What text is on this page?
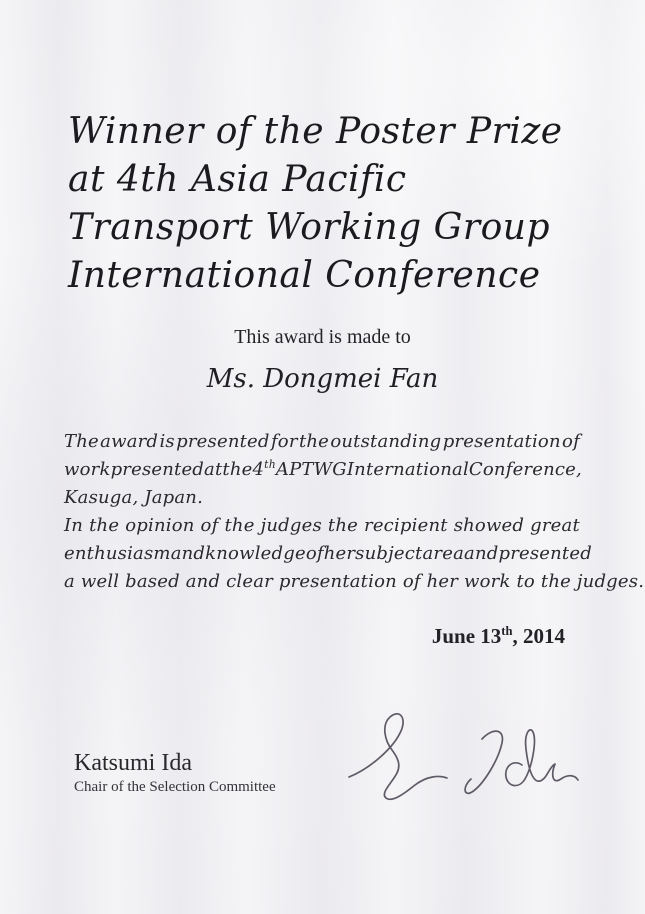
Winner of the Poster Prize
at 4th Asia Pacific
Transport Working Group
International Conference
This award is made to
Ms. Dongmei Fan
The award is presented for the outstanding presentation of
work presented at the 4th APTWG International Conference,
Kasuga, Japan.
In the opinion of the judges the recipient showed great
enthusiasm and knowledge of her subject area and presented
a well based and clear presentation of her work to the judges.
June 13th, 2014
Katsumi Ida
Chair of the Selection Committee
